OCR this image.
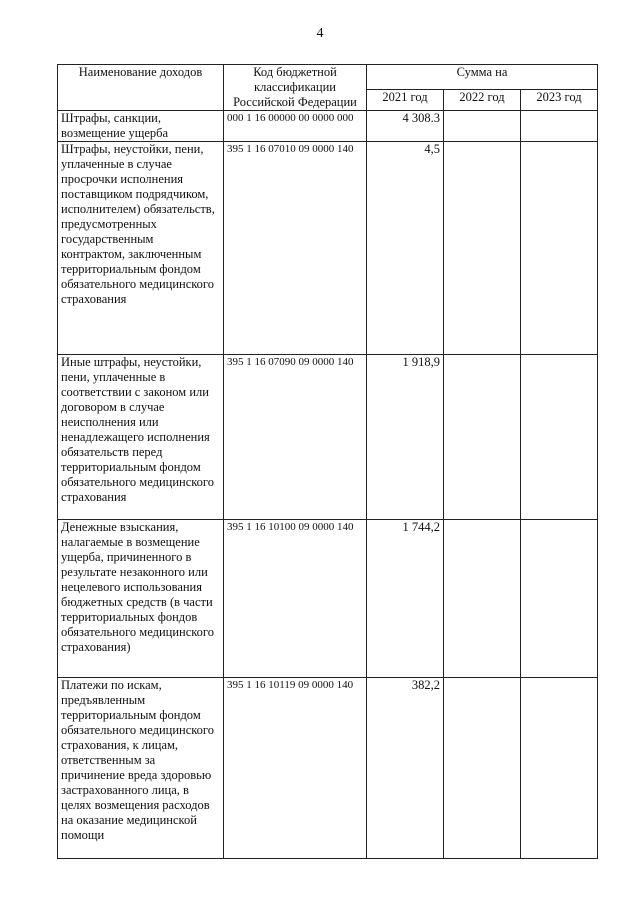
4
Наименование доходов	Код бюджетной классификации Российской Федерации	Сумма на		
		2021 год	2022 год	2023 год
Штрафы, санкции, возмещение ущерба	000 1 16 00000 00 0000 000	4 308.3		
Штрафы, неустойки, пени, уплаченные в случае просрочки исполнения поставщиком подрядчиком, исполнителем) обязательств, предусмотренных государственным контрактом, заключенным территориальным фондом обязательного медицинского страхования	395 1 16 07010 09 0000 140	4,5		
Иные штрафы, неустойки, пени, уплаченные в соответствии с законом или договором в случае неисполнения или ненадлежащего исполнения обязательств перед территориальным фондом обязательного медицинского страхования	395 1 16 07090 09 0000 140	1 918,9		
Денежные взыскания, налагаемые в возмещение ущерба, причиненного в результате незаконного или нецелевого использования бюджетных средств (в части территориальных фондов обязательного медицинского страхования)	395 1 16 10100 09 0000 140	1 744,2		
Платежи по искам, предъявленным территориальным фондом обязательного медицинского страхования, к лицам, ответственным за причинение вреда здоровью застрахованного лица, в целях возмещения расходов на оказание медицинской помощи	395 1 16 10119 09 0000 140	382,2		
